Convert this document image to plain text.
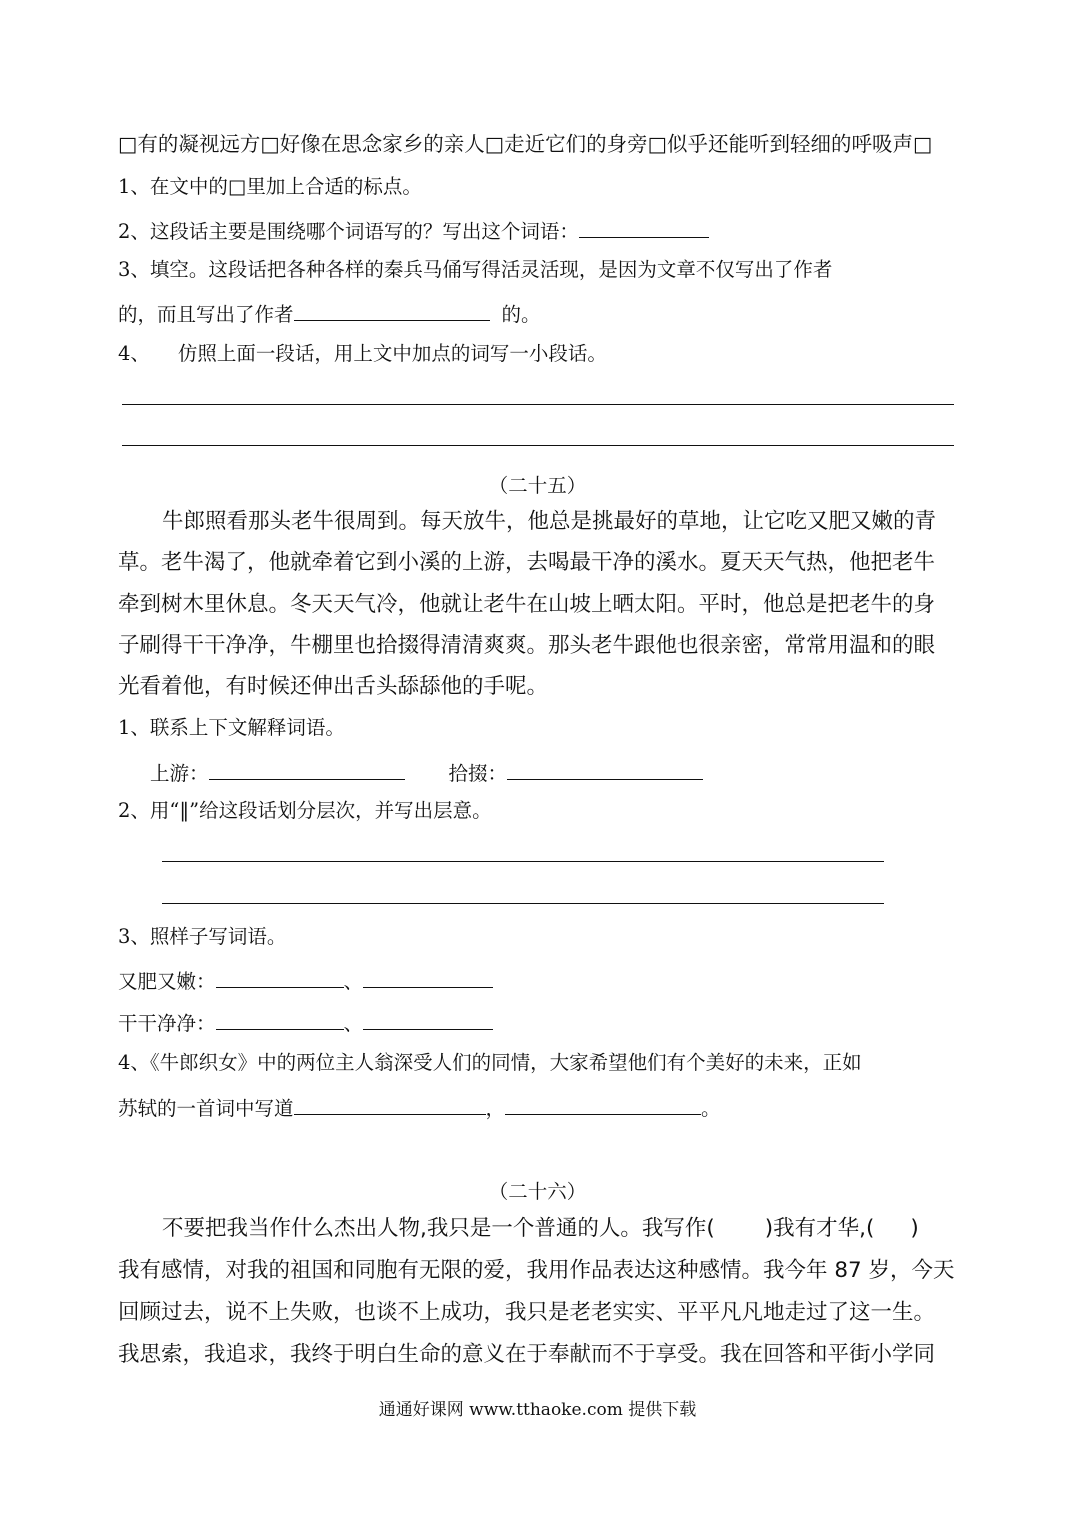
□有的凝视远方□好像在思念家乡的亲人□走近它们的身旁□似乎还能听到轻细的呼吸声□
1、在文中的□里加上合适的标点。
2、这段话主要是围绕哪个词语写的？写出这个词语：
3、填空。这段话把各种各样的秦兵马俑写得活灵活现，是因为文章不仅写出了作者
的，而且写出了作者	的。
4、 仿照上面一段话，用上文中加点的词写一小段话。
（二十五）
牛郎照看那头老牛很周到。每天放牛，他总是挑最好的草地，让它吃又肥又嫩的青
草。老牛渴了，他就牵着它到小溪的上游，去喝最干净的溪水。夏天天气热，他把老牛
牵到树木里休息。冬天天气冷，他就让老牛在山坡上晒太阳。平时，他总是把老牛的身
子刷得干干净净，牛棚里也拾掇得清清爽爽。那头老牛跟他也很亲密，常常用温和的眼
光看着他，有时候还伸出舌头舔舔他的手呢。
1、联系上下文解释词语。
上游：	拾掇：
2、用“‖”给这段话划分层次，并写出层意。
3、照样子写词语。
又肥又嫩：	、
干干净净：	、
4、《牛郎织女》中的两位主人翁深受人们的同情，大家希望他们有个美好的未来，正如
苏轼的一首词中写道	，	。
（二十六）
不要把我当作什么杰出人物,我只是一个普通的人。我写作( )我有才华,( )
我有感情，对我的祖国和同胞有无限的爱，我用作品表达这种感情。我今年 87 岁，今天
回顾过去，说不上失败，也谈不上成功，我只是老老实实、平平凡凡地走过了这一生。
我思索，我追求，我终于明白生命的意义在于奉献而不于享受。我在回答和平街小学同
通通好课网 www.tthaoke.com 提供下载
